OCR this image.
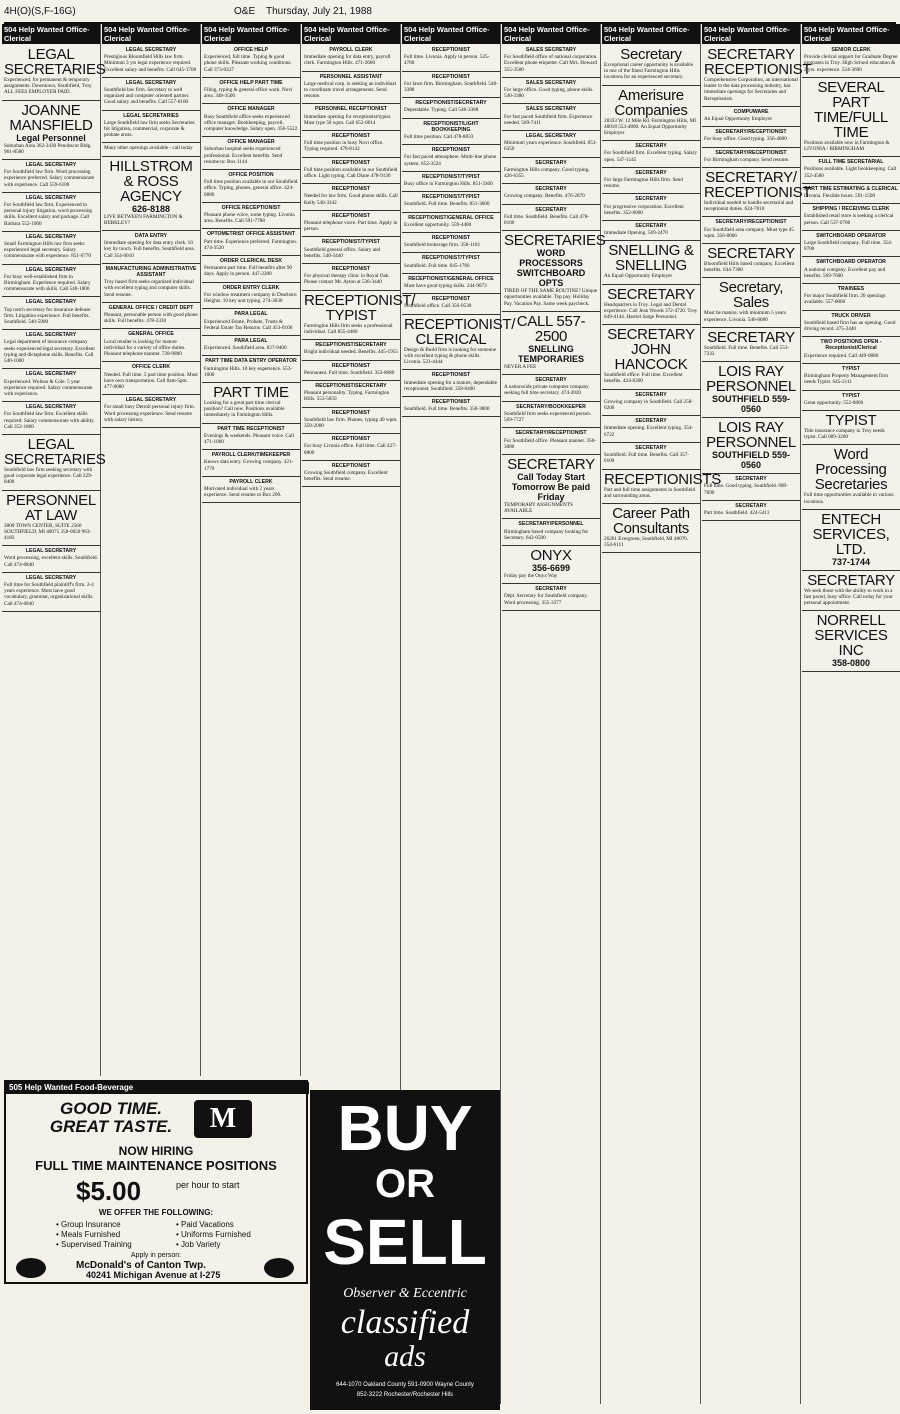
4H(O)(S,F-16G)	O&E Thursday, July 21, 1988
504 Help Wanted Office-Clerical
LEGAL SECRETARIES

Experienced, for permanent & temporary assignments. Downtown, Southfield, Troy. ALL FEES EMPLOYER PAID.

JOANNE MANSFIELD
Legal Personnel

Suburban Area 362-3430 Penobscot Bldg. 961-8580

LEGAL SECRETARY

For Southfield law firm. Word processing experience preferred. Salary commensurate with experience. Call 559-6100

LEGAL SECRETARY

For Southfield law firm. Experienced in personal injury litigation, word processing skills. Excellent salary and package. Call Barbara 552-1000

LEGAL SECRETARY

Small Farmington Hills law firm seeks experienced legal secretary. Salary commensurate with experience. 851-6770

LEGAL SECRETARY

For busy well-established firm in Birmingham. Experience required. Salary commensurate with skills. Call 540-1800

LEGAL SECRETARY

Top notch secretary for insurance defense firm. Litigation experience. Full benefits. Southfield. 540-5900

LEGAL SECRETARY

Legal department of insurance company seeks experienced legal secretary. Excellent typing and dictaphone skills. Benefits. Call 540-1000

LEGAL SECRETARY

Experienced. Wolson & Cole. 5 year experience required. Salary commensurate with experience.

LEGAL SECRETARY

For Southfield law firm. Excellent skills required. Salary commensurate with ability. Call 352-1800

LEGAL SECRETARIES

Southfield law firm seeking secretary with good corporate legal experience. Call 229-8400

PERSONNEL AT LAW

3000 TOWN CENTER, SUITE 2560 SOUTHFIELD, MI 48075 358-0050 963-4183

LEGAL SECRETARY

Word processing, excellent skills. Southfield. Call 474-6840

LEGAL SECRETARY

Full time for Southfield plaintiff's firm. 2-4 years experience. Must have good vocabulary, grammar, organizational skills. Call 474-6840

504 Help Wanted Office-Clerical

LEGAL SECRETARY

Prestigious Bloomfield Hills law firm. Minimum 3 yrs legal experience required. Excellent salary and benefits. Call 645-1700

LEGAL SECRETARY

Southfield law firm. Secretary to well organized and computer oriented partner. Good salary and benefits. Call 557-0100

LEGAL SECRETARIES

Large Southfield law firm seeks Secretaries for litigation, commercial, corporate & probate areas.

Many other openings available - call today

HILLSTROM & ROSS AGENCY
626-8188

LIVE BETWEEN FARMINGTON & BERKLEY?

DATA ENTRY

Immediate opening for data entry clerk. 10 key by touch. Full benefits. Southfield area. Call 354-0010

MANUFACTURING ADMINISTRATIVE ASSISTANT

Troy based firm seeks organized individual with excellent typing and computer skills. Send resume.

GENERAL OFFICE / CREDIT DEPT

Pleasant, personable person with good phone skills. Full benefits. 478-2330

GENERAL OFFICE

Local retailer is looking for mature individual for a variety of office duties. Pleasant telephone manner. 728-9800

OFFICE CLERK

Needed. Full time. 5 part time position. Must have own transportation. Call 8am-5pm. 477-8080

LEGAL SECRETARY

For small busy Detroit personal injury firm. Word processing experience. Send resume with salary history.

504 Help Wanted Office-Clerical

OFFICE HELP

Experienced, full time. Typing & good phone skills. Pleasant working conditions. Call 373-0337

OFFICE HELP PART TIME

Filing, typing & general office work. Novi area. 348-3500

OFFICE MANAGER

Busy Southfield office seeks experienced office manager. Bookkeeping, payroll, computer knowledge. Salary open. 356-5522

OFFICE MANAGER

Suburban hospital seeks experienced professional. Excellent benefits. Send resume to: Box 1144

OFFICE POSITION

Full time position available in our Southfield office. Typing, phones, general office. 424-0880

OFFICE RECEPTIONIST

Pleasant phone voice, some typing. Livonia area. Benefits. Call 591-7788

OPTOMETRIST OFFICE ASSISTANT

Part time. Experience preferred. Farmington. 474-3520

ORDER CLERICAL DESK

Permanent part time. Full benefits after 90 days. Apply in person. 447-2200

ORDER ENTRY CLERK

For window treatment company in Dearborn Heights. 10 key and typing. 274-3830

PARA LEGAL

Experienced Estate, Probate, Trusts & Federal Estate Tax Returns. Call 453-0100

PARA LEGAL

Experienced. Southfield area. 827-9400

PART TIME DATA ENTRY OPERATOR

Farmington Hills. 10 key experience. 553-1600

PART TIME

Looking for a great part time clerical position? Call now. Positions available immediately in Farmington Hills.

PART TIME RECEPTIONIST

Evenings & weekends. Pleasant voice. Call 471-1800

PAYROLL CLERK/TIMEKEEPER

Knows data entry. Growing company. 421-1770

PAYROLL CLERK

Motivated individual with 2 years experience. Send resume to Box 200.

504 Help Wanted Office-Clerical

PAYROLL CLERK

Immediate opening for data entry, payroll clerk. Farmington Hills. 471-2600

PERSONNEL ASSISTANT

Large medical corp. is seeking an individual to coordinate travel arrangements. Send resume.

PERSONNEL RECEPTIONIST

Immediate opening for receptionist/typist. Must type 50 wpm. Call 652-0014

RECEPTIONIST

Full time position in busy Novi office. Typing required. 478-8142

RECEPTIONIST

Full time position available in our Southfield office. Light typing. Call Diane 478-9130

RECEPTIONIST

Needed for law firm. Good phone skills. Call Kelly 540-3342

RECEPTIONIST

Pleasant telephone voice. Part time. Apply in person.

RECEPTIONIST/TYPIST

Southfield general office. Salary and benefits. 540-3440

RECEPTIONIST

For physical therapy clinic in Royal Oak. Please contact Mr. Ayton at 536-3440

RECEPTIONIST/ TYPIST

Farmington Hills firm seeks a professional individual. Call 855-4480

RECEPTIONIST/SECRETARY

Bright individual needed. Benefits. 445-1955

RECEPTIONIST

Permanent. Full time. Southfield. 353-8080

RECEPTIONIST/SECRETARY

Pleasant personality. Typing. Farmington Hills. 553-5050

RECEPTIONIST

Southfield law firm. Phones, typing 40 wpm. 350-2000

RECEPTIONIST

For busy Livonia office. Full time. Call 427-8800

RECEPTIONIST

Growing Southfield company. Excellent benefits. Send resume.

504 Help Wanted Office-Clerical

RECEPTIONIST

Full time. Livonia. Apply in person. 525-4760

RECEPTIONIST

For lawn firm. Birmingham. Southfield. 540-3388

RECEPTIONIST/SECRETARY

Dependable. Typing. Call 540-3388

RECEPTIONIST/LIGHT BOOKKEEPING

Full time position. Call 478-8833

RECEPTIONIST

For fast paced atmosphere. Multi-line phone system. 652-3524

RECEPTIONIST/TYPIST

Busy office in Farmington Hills. 851-3300

RECEPTIONIST/TYPIST

Southfield. Full time. Benefits. 851-3600

RECEPTIONIST/GENERAL OFFICE

Excellent opportunity. 559-4400

RECEPTIONIST

Southfield brokerage firm. 358-1181

RECEPTIONIST/TYPIST

Southfield. Full time. 645-1766

RECEPTIONIST/GENERAL OFFICE

Must have good typing skills. 244-9073

RECEPTIONIST

Southfield office. Call 356-0530

RECEPTIONIST/ CLERICAL

Design & Build firm is looking for someone with excellent typing & phone skills. Livonia. 523-4444

RECEPTIONIST

Immediate opening for a mature, dependable receptionist. Southfield. 358-8400

RECEPTIONIST

Southfield. Full time. Benefits. 350-3800

504 Help Wanted Office-Clerical

SALES SECRETARY

For Southfield office of national corporation. Excellent phone etiquette. Call Mrs. Howard 355-3500

SALES SECRETARY

For large office. Good typing, phone skills. 540-3380

SALES SECRETARY

For fast paced Southfield firm. Experience needed. 569-7411

LEGAL SECRETARY

Minimum years experience. Southfield. 853-6350

SECRETARY

Farmington Hills company. Good typing. 426-6355

SECRETARY

Growing company. Benefits. 476-2870

SECRETARY

Full time. Southfield. Benefits. Call 478-8100

SECRETARIES
WORD PROCESSORS SWITCHBOARD OPTS

TIRED OF THE SAME ROUTINE? Unique opportunities available. Top pay. Holiday Pay. Vacation Pay. Same week paycheck.

CALL 557-2500
SNELLING TEMPORARIES

NEVER A FEE

SECRETARY

A nationwide private computer company seeking full time secretary. 474-2020

SECRETARY/BOOKKEEPER

Southfield firm seeks experienced person. 569-7727

SECRETARY/RECEPTIONIST

For Southfield office. Pleasant manner. 350-3080

SECRETARY
Call Today Start Tomorrow Be paid Friday

TEMPORARY ASSIGNMENTS AVAILABLE

SECRETARY/PERSONNEL

Birmingham based company looking for Secretary. 642-0500

ONYX
356-6699

Friday pay the Onyx Way

SECRETARY

Dept. Secretary for Southfield company. Word processing. 355-3377

504 Help Wanted Office-Clerical
Secretary

Exceptional career opportunity is available in one of the finest Farmington Hills locations for an experienced secretary.

Amerisure Companies

28333 W. 12 Mile Rd. Farmington Hills, MI 48018 553-4800. An Equal Opportunity Employer

SECRETARY

For Southfield firm. Excellent typing. Salary open. 547-1145

SECRETARY

For large Farmington Hills firm. Send resume.

SECRETARY

For progressive corporation. Excellent benefits. 352-8000

SECRETARY

Immediate Opening. 569-2470

SNELLING & SNELLING

An Equal Opportunity Employer

SECRETARY

Headquarters in Troy. Legal and Dental experience. Call Jean Woods 372-4720. Troy 649-4144. Harriet Sarge Personnel.

SECRETARY JOHN HANCOCK

Southfield office. Full time. Excellent benefits. 424-8300

SECRETARY

Growing company in Southfield. Call 258-6200

SECRETARY

Immediate opening. Excellent typing. 354-6722

SECRETARY

Southfield. Full time. Benefits. Call 357-0100

RECEPTIONISTS

Part and full time assignments in Southfield and surrounding areas.

Career Path Consultants

26261 Evergreen, Southfield, MI 48076. 354-6111

504 Help Wanted Office-Clerical
SECRETARY RECEPTIONIST

Comprehensive Corporation, an international leader in the data processing industry, has immediate openings for Secretaries and Receptionists.

COMPUWARE

An Equal Opportunity Employer

SECRETARY/RECEPTIONIST

For busy office. Good typing. 356-4000

SECRETARY/RECEPTIONIST

For Birmingham company. Send resume.

SECRETARY/ RECEPTIONIST

Individual needed to handle secretarial and receptionist duties. 624-7010

SECRETARY/RECEPTIONIST

For Southfield area company. Must type 45 wpm. 356-8066

SECRETARY

Bloomfield Hills based company. Excellent benefits. 644-7300

Secretary, Sales

Must be mature, with minimum 5 years experience. Livonia. 546-8080

SECRETARY

Southfield. Full time. Benefits. Call 553-7333

LOIS RAY PERSONNEL
SOUTHFIELD 559-0560
LOIS RAY PERSONNEL
SOUTHFIELD 559-0560

SECRETARY

Full time. Good typing. Southfield. 689-7690

SECRETARY

Part time. Southfield. 424-5411

504 Help Wanted Office-Clerical

SENIOR CLERK

Provide clerical support for Graduate Degree programs in Troy. High School education & 2 yrs. experience. 524-3600

SEVERAL PART TIME/FULL TIME

Positions available now in Farmington & LIVONIA / BIRMINGHAM

FULL TIME SECRETARIAL

Positions available. Light bookkeeping. Call 352-4580

PART TIME ESTIMATING & CLERICAL

Livonia. Flexible hours. 591-1500

SHIPPING / RECEIVING CLERK

Established retail store is seeking a clerical person. Call 537-0700

SWITCHBOARD OPERATOR

Large Southfield company. Full time. 354-8700

SWITCHBOARD OPERATOR

A national company. Excellent pay and benefits. 569-7600

TRAINEES

For major Southfield firm. 20 openings available. 557-0060

TRUCK DRIVER

Southfield based firm has an opening. Good driving record. 475-2440

TWO POSITIONS OPEN - Receptionist/Clerical

Experience required. Call 449-0880

TYPIST

Birmingham Property Management firm needs Typist. 645-2111

TYPIST

Great opportunity. 552-0800

TYPIST

Title insurance company in Troy needs typist. Call 689-3200

Word Processing Secretaries

Full time opportunities available in various locations.

ENTECH SERVICES, LTD.
737-1744
SECRETARY

We seek those with the ability to work in a fast paced, busy office. Call today for your personal appointment.

NORRELL SERVICES INC
358-0800
505 Help Wanted Food-Beverage
GOOD TIME. GREAT TASTE.	M
NOW HIRING
FULL TIME MAINTENANCE POSITIONS
$5.00	per hour to start
WE OFFER THE FOLLOWING:
• Group Insurance
• Meals Furnished
• Supervised Training
• Paid Vacations
• Uniforms Furnished
• Job Variety
Apply in person:
McDonald's of Canton Twp.
40241 Michigan Avenue at I-275
BUY
OR
SELL
Observer & Eccentric
classified
ads
644-1070 Oakland County 591-0900 Wayne County
852-3222 Rochester/Rochester Hills
